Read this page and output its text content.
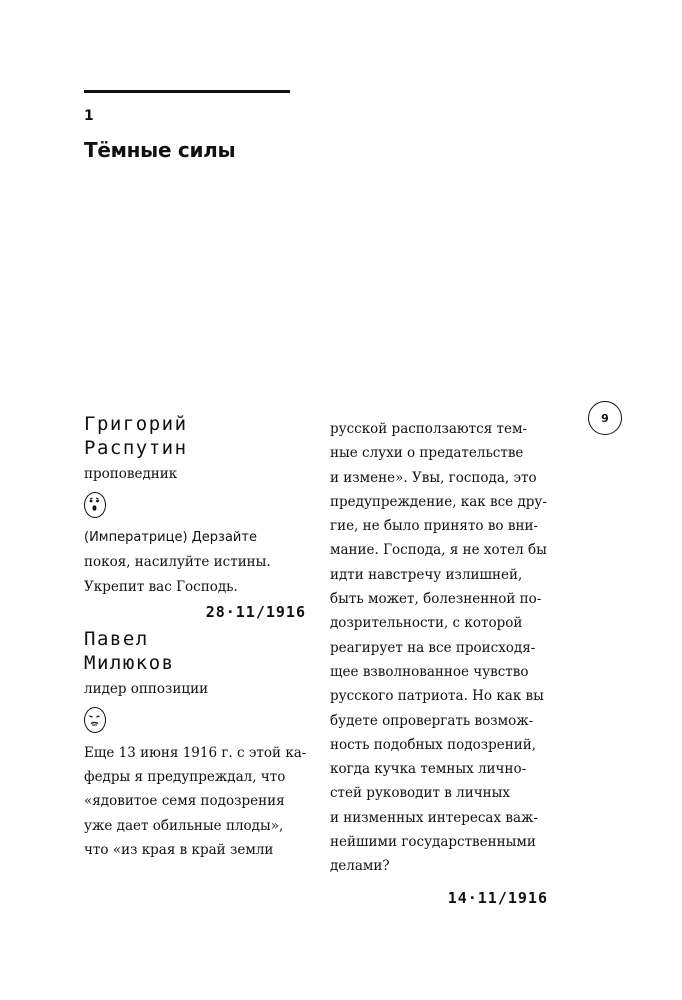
1
Тёмные силы
9

Григорий

Распутин

проповедник

(Императрице) Дерзайте
покоя, насилуйте истины.
Укрепит вас Господь.

28·11/1916

Павел

Милюков

лидер оппозиции

Еще 13 июня 1916 г. с этой ка-
федры я предупреждал, что
«ядовитое семя подозрения
уже дает обильные плоды»,
что «из края в край земли

русской расползаются тем-
ные слухи о предательстве
и измене». Увы, господа, это
предупреждение, как все дру-
гие, не было принято во вни-
мание. Господа, я не хотел бы
идти навстречу излишней,
быть может, болезненной по-
дозрительности, с которой
реагирует на все происходя-
щее взволнованное чувство
русского патриота. Но как вы
будете опровергать возмож-
ность подобных подозрений,
когда кучка темных лично-
стей руководит в личных
и низменных интересах важ-
нейшими государственными
делами?

14·11/1916
